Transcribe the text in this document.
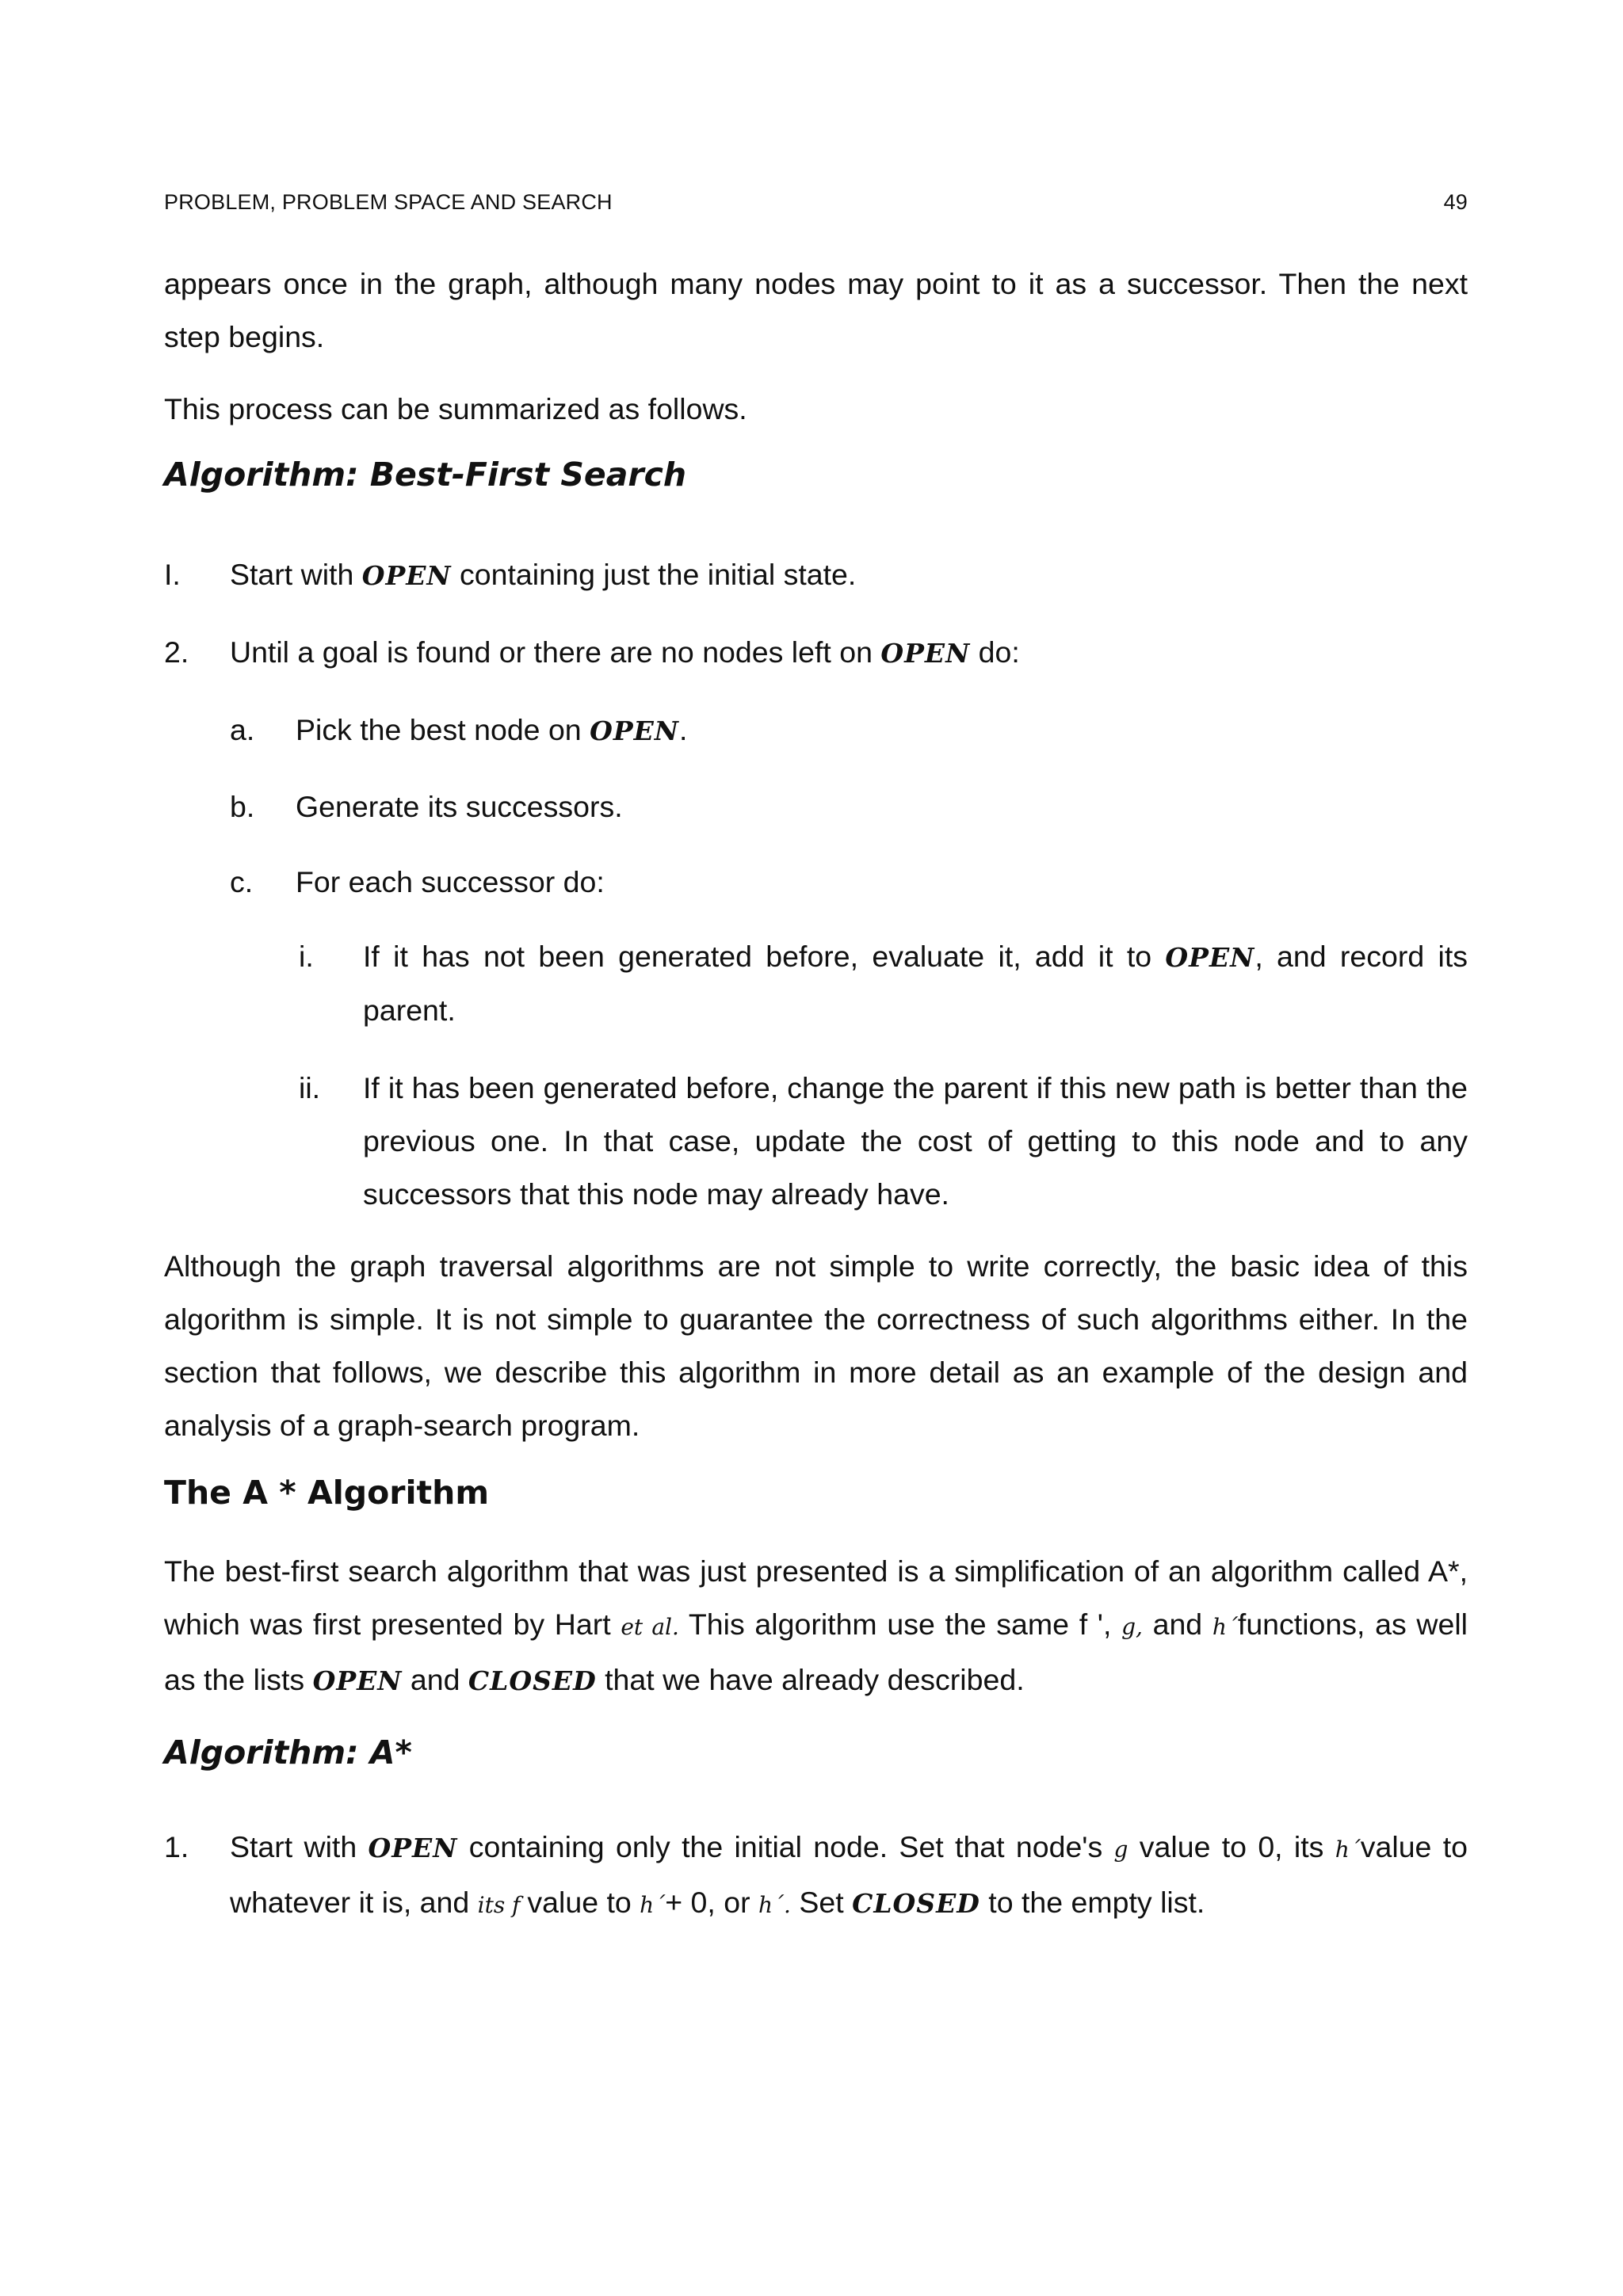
PROBLEM, PROBLEM SPACE AND SEARCH	49

appears once in the graph, although many nodes may point to it as a successor. Then the next step begins.

This process can be summarized as follows.

Algorithm: Best-First Search
I. Start with OPEN containing just the initial state.
2. Until a goal is found or there are no nodes left on OPEN do:
a. Pick the best node on OPEN.
b. Generate its successors.
c. For each successor do:
i. If it has not been generated before, evaluate it, add it to OPEN, and record its parent.
ii. If it has been generated before, change the parent if this new path is better than the previous one. In that case, update the cost of getting to this node and to any successors that this node may already have.

Although the graph traversal algorithms are not simple to write correctly, the basic idea of this algorithm is simple. It is not simple to guarantee the correctness of such algorithms either. In the section that follows, we describe this algorithm in more detail as an example of the design and analysis of a graph-search program.

The A * Algorithm

The best-first search algorithm that was just presented is a simplification of an algorithm called A*, which was first presented by Hart et al. This algorithm use the same f ', g, and h´functions, as well as the lists OPEN and CLOSED that we have already described.

Algorithm: A*
1. Start with OPEN containing only the initial node. Set that node's g value to 0, its h´value to whatever it is, and its f value to h´+ 0, or h´. Set CLOSED to the empty list.
